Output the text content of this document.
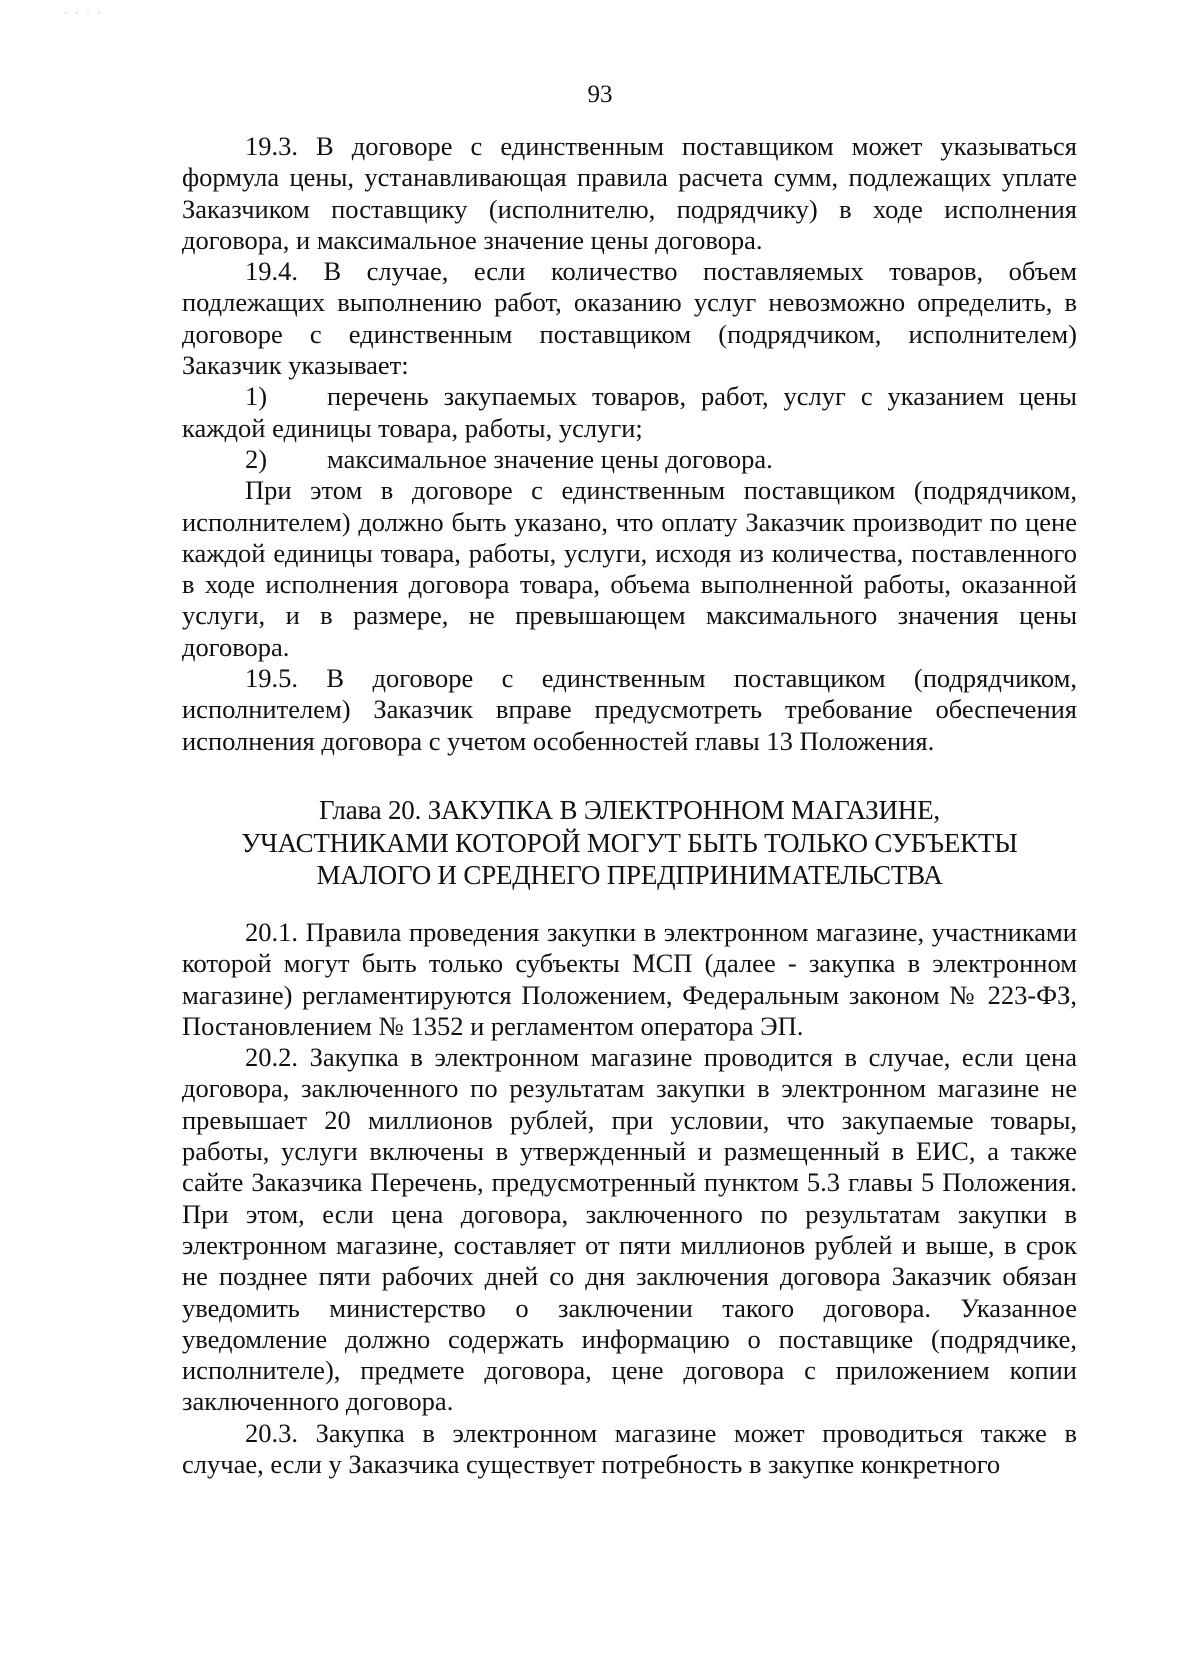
· · · ·
93

19.3. В договоре с единственным поставщиком может указываться формула цены, устанавливающая правила расчета сумм, подлежащих уплате Заказчиком поставщику (исполнителю, подрядчику) в ходе исполнения договора, и максимальное значение цены договора.

19.4. В случае, если количество поставляемых товаров, объем подлежащих выполнению работ, оказанию услуг невозможно определить, в договоре с единственным поставщиком (подрядчиком, исполнителем) Заказчик указывает:

1) перечень закупаемых товаров, работ, услуг с указанием цены каждой единицы товара, работы, услуги;

2) максимальное значение цены договора.

При этом в договоре с единственным поставщиком (подрядчиком, исполнителем) должно быть указано, что оплату Заказчик производит по цене каждой единицы товара, работы, услуги, исходя из количества, поставленного в ходе исполнения договора товара, объема выполненной работы, оказанной услуги, и в размере, не превышающем максимального значения цены договора.

19.5. В договоре с единственным поставщиком (подрядчиком, исполнителем) Заказчик вправе предусмотреть требование обеспечения исполнения договора с учетом особенностей главы 13 Положения.

Глава 20. ЗАКУПКА В ЭЛЕКТРОННОМ МАГАЗИНЕ,
УЧАСТНИКАМИ КОТОРОЙ МОГУТ БЫТЬ ТОЛЬКО СУБЪЕКТЫ
МАЛОГО И СРЕДНЕГО ПРЕДПРИНИМАТЕЛЬСТВА

20.1. Правила проведения закупки в электронном магазине, участниками которой могут быть только субъекты МСП (далее - закупка в электронном магазине) регламентируются Положением, Федеральным законом № 223-ФЗ, Постановлением № 1352 и регламентом оператора ЭП.

20.2. Закупка в электронном магазине проводится в случае, если цена договора, заключенного по результатам закупки в электронном магазине не превышает 20 миллионов рублей, при условии, что закупаемые товары, работы, услуги включены в утвержденный и размещенный в ЕИС, а также сайте Заказчика Перечень, предусмотренный пунктом 5.3 главы 5 Положения. При этом, если цена договора, заключенного по результатам закупки в электронном магазине, составляет от пяти миллионов рублей и выше, в срок не позднее пяти рабочих дней со дня заключения договора Заказчик обязан уведомить министерство о заключении такого договора. Указанное уведомление должно содержать информацию о поставщике (подрядчике, исполнителе), предмете договора, цене договора с приложением копии заключенного договора.

20.3. Закупка в электронном магазине может проводиться также в случае, если у Заказчика существует потребность в закупке конкретного
